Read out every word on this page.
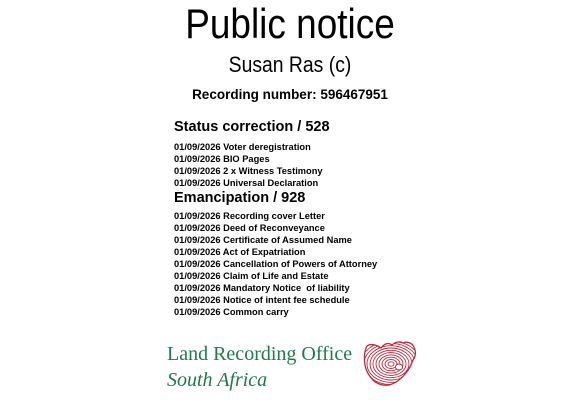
Public notice
Susan Ras (c)
Recording number: 596467951
Status correction / 528
01/09/2026 Voter deregistration
01/09/2026 BIO Pages
01/09/2026 2 x Witness Testimony
01/09/2026 Universal Declaration
Emancipation / 928
01/09/2026 Recording cover Letter
01/09/2026 Deed of Reconveyance
01/09/2026 Certificate of Assumed Name
01/09/2026 Act of Expatriation
01/09/2026 Cancellation of Powers of Attorney
01/09/2026 Claim of Life and Estate
01/09/2026 Mandatory Notice  of liability
01/09/2026 Notice of intent fee schedule
01/09/2026 Common carry
Land Recording Office
South Africa
